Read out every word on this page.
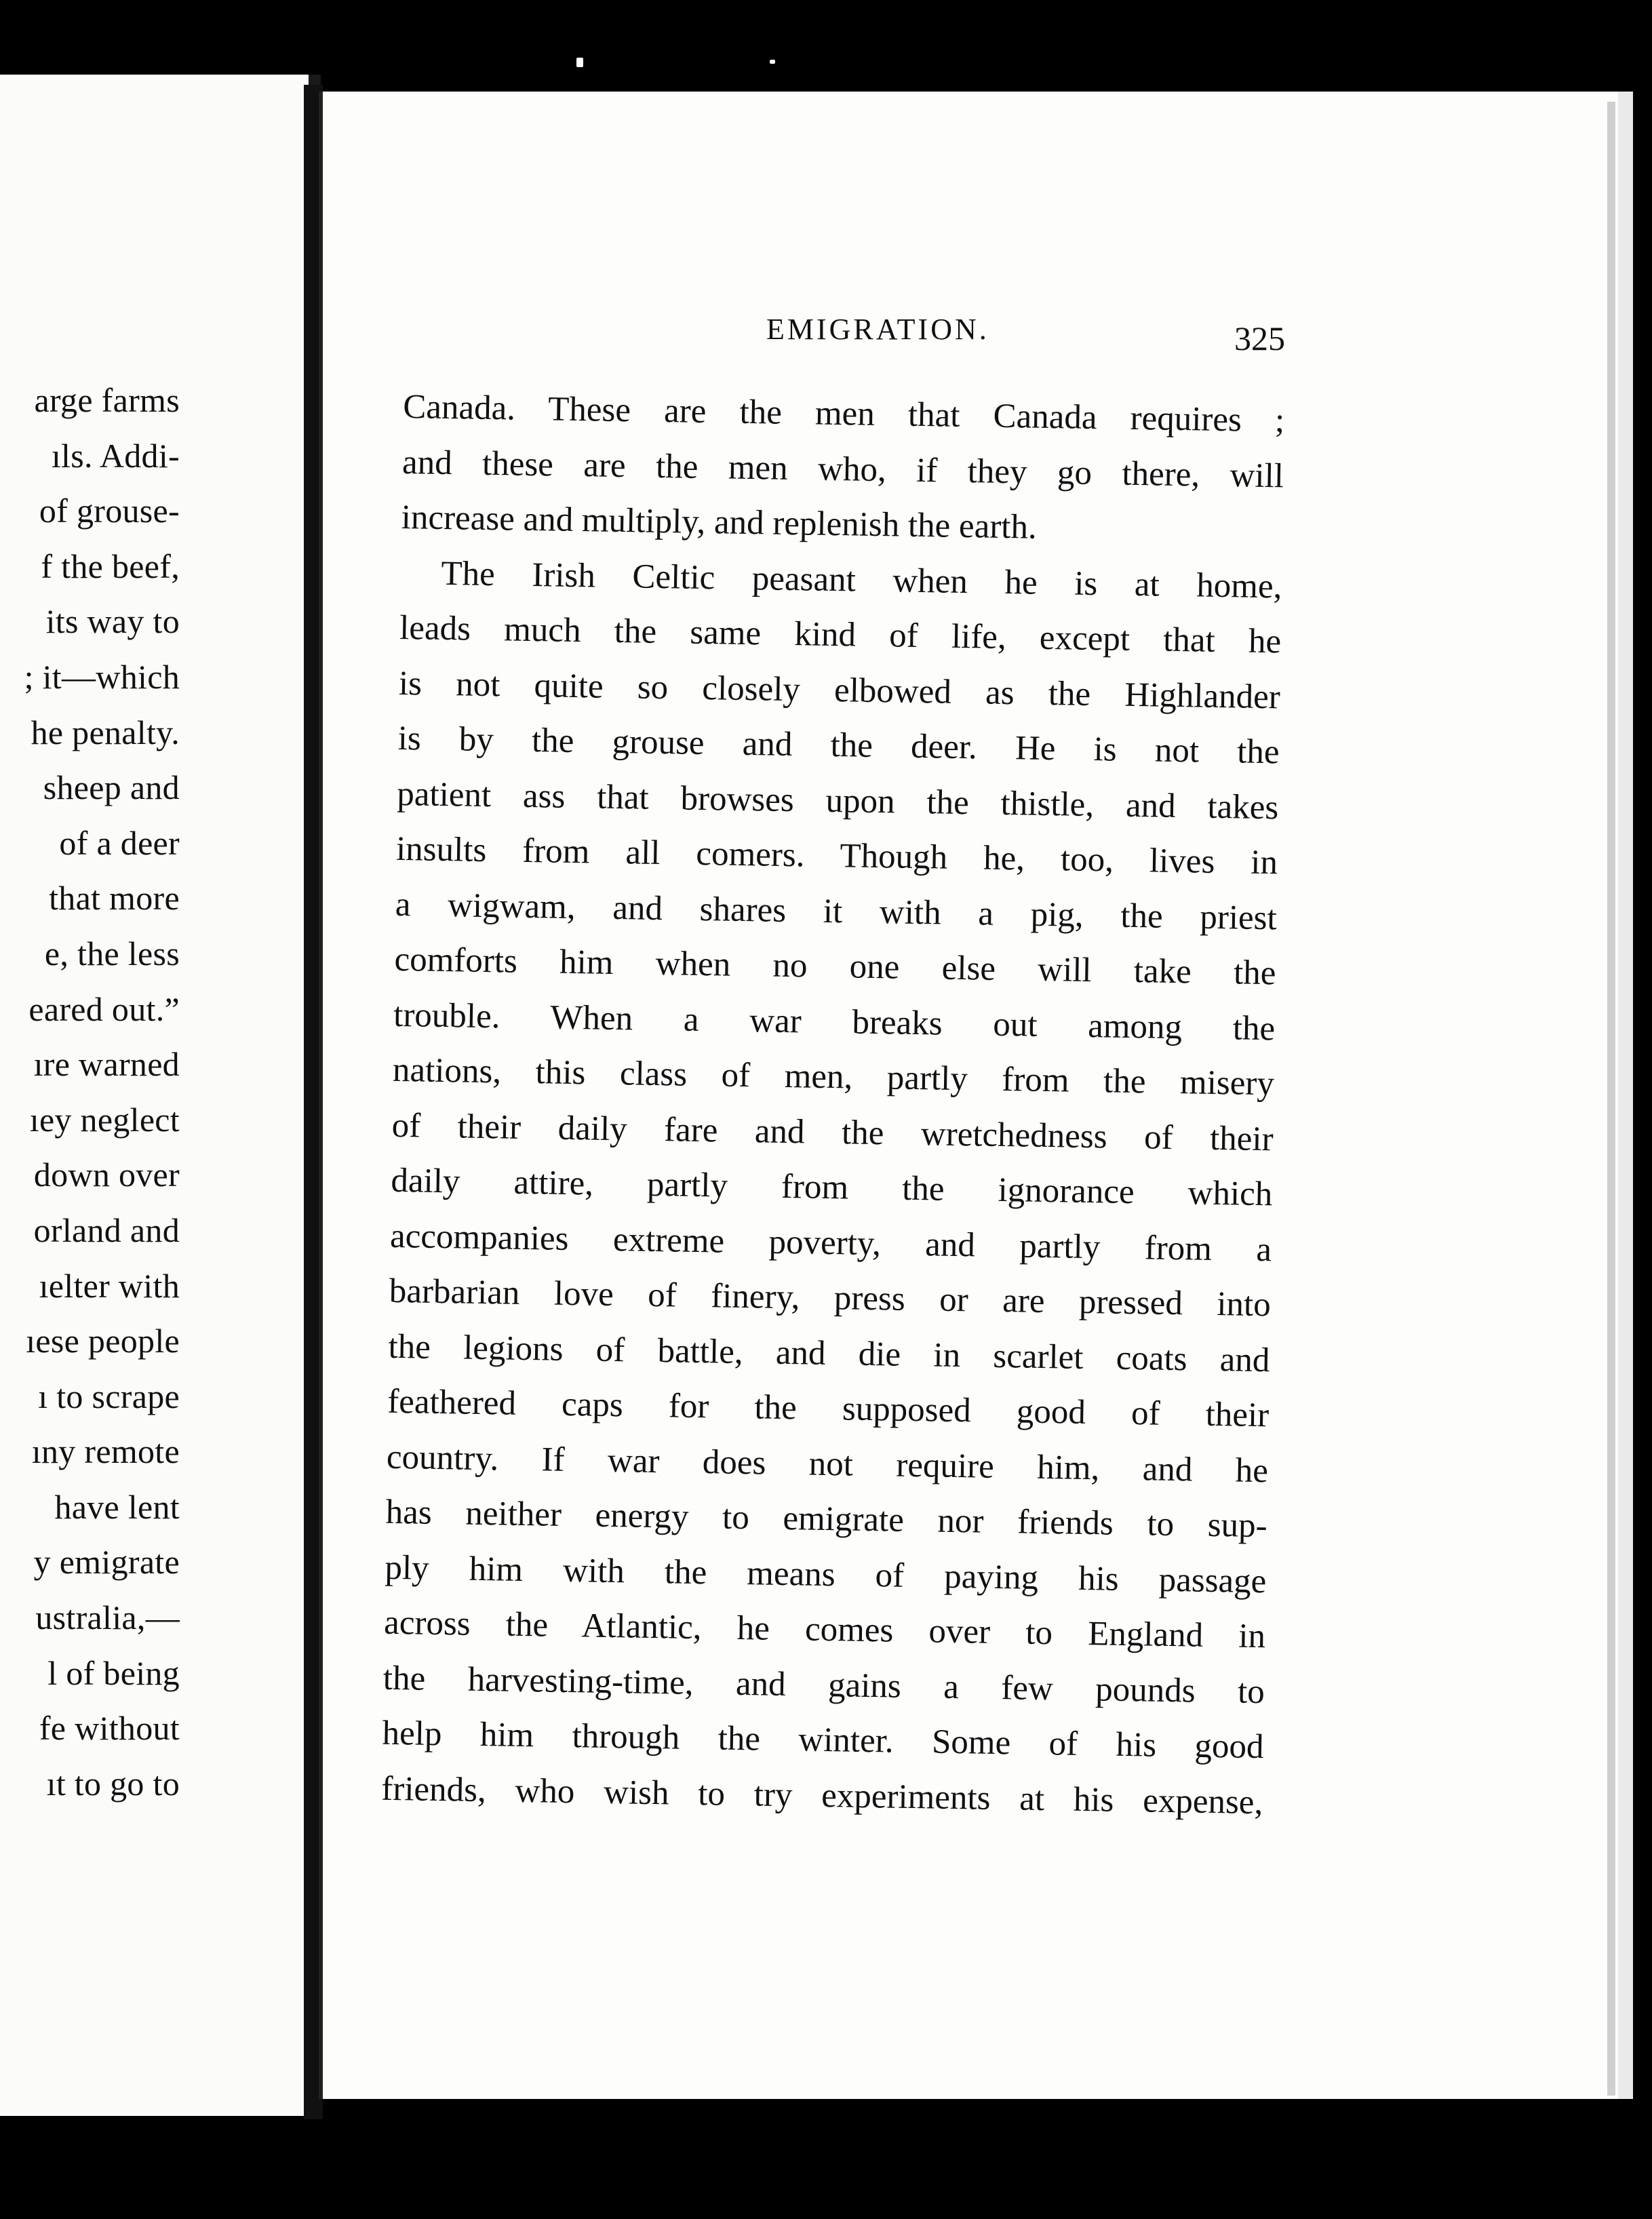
arge farms
ıls. Addi-
of grouse-
f the beef,
its way to
; it—which
he penalty.
sheep and
of a deer
that more
e, the less
eared out.”
ıre warned
ıey neglect
down over
orland and
ıelter with
ıese people
ı to scrape
ıny remote
have lent
y emigrate
ustralia,—
l of being
fe without
ıt to go to
EMIGRATION.	325
Canada. These are the men that Canada requires ;
and these are the men who, if they go there, will
increase and multiply, and replenish the earth.
The Irish Celtic peasant when he is at home,
leads much the same kind of life, except that he
is not quite so closely elbowed as the Highlander
is by the grouse and the deer. He is not the
patient ass that browses upon the thistle, and takes
insults from all comers. Though he, too, lives in
a wigwam, and shares it with a pig, the priest
comforts him when no one else will take the
trouble. When a war breaks out among the
nations, this class of men, partly from the misery
of their daily fare and the wretchedness of their
daily attire, partly from the ignorance which
accompanies extreme poverty, and partly from a
barbarian love of finery, press or are pressed into
the legions of battle, and die in scarlet coats and
feathered caps for the supposed good of their
country. If war does not require him, and he
has neither energy to emigrate nor friends to sup-
ply him with the means of paying his passage
across the Atlantic, he comes over to England in
the harvesting-time, and gains a few pounds to
help him through the winter. Some of his good
friends, who wish to try experiments at his expense,
